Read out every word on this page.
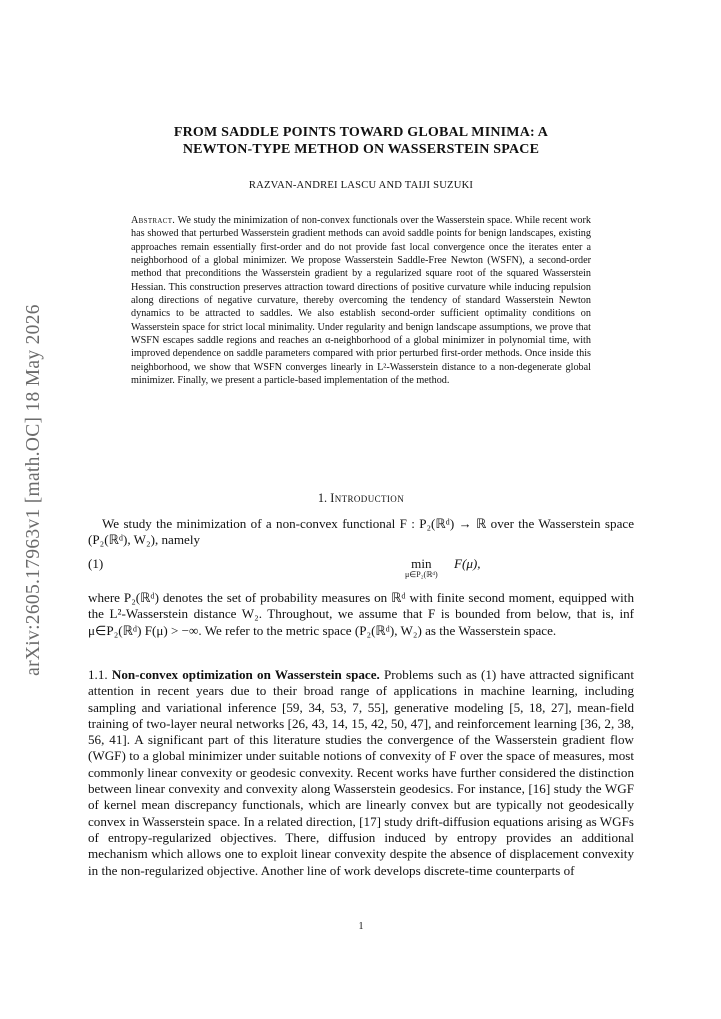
arXiv:2605.17963v1 [math.OC] 18 May 2026
FROM SADDLE POINTS TOWARD GLOBAL MINIMA: A
NEWTON-TYPE METHOD ON WASSERSTEIN SPACE
RAZVAN-ANDREI LASCU AND TAIJI SUZUKI
Abstract. We study the minimization of non-convex functionals over the Wasserstein space. While recent work has showed that perturbed Wasserstein gradient methods can avoid saddle points for benign landscapes, existing approaches remain essentially first-order and do not provide fast local convergence once the iterates enter a neighborhood of a global minimizer. We propose Wasserstein Saddle-Free Newton (WSFN), a second-order method that preconditions the Wasserstein gradient by a regularized square root of the squared Wasserstein Hessian. This construction preserves attraction toward directions of positive curvature while inducing repulsion along directions of negative curvature, thereby overcoming the tendency of standard Wasserstein Newton dynamics to be attracted to saddles. We also establish second-order sufficient optimality conditions on Wasserstein space for strict local minimality. Under regularity and benign landscape assumptions, we prove that WSFN escapes saddle regions and reaches an α-neighborhood of a global minimizer in polynomial time, with improved dependence on saddle parameters compared with prior perturbed first-order methods. Once inside this neighborhood, we show that WSFN converges linearly in L²-Wasserstein distance to a non-degenerate global minimizer. Finally, we present a particle-based implementation of the method.
1. Introduction
We study the minimization of a non-convex functional F : P₂(ℝᵈ) → ℝ over the Wasserstein space (P₂(ℝᵈ), W₂), namely
(1)	min
μ∈P₂(ℝᵈ)
F(μ),
where P₂(ℝᵈ) denotes the set of probability measures on ℝᵈ with finite second moment, equipped with the L²-Wasserstein distance W₂. Throughout, we assume that F is bounded from below, that is, inf μ∈P₂(ℝᵈ) F(μ) > −∞. We refer to the metric space (P₂(ℝᵈ), W₂) as the Wasserstein space.
1.1. Non-convex optimization on Wasserstein space. Problems such as (1) have attracted significant attention in recent years due to their broad range of applications in machine learning, including sampling and variational inference [59, 34, 53, 7, 55], generative modeling [5, 18, 27], mean-field training of two-layer neural networks [26, 43, 14, 15, 42, 50, 47], and reinforcement learning [36, 2, 38, 56, 41]. A significant part of this literature studies the convergence of the Wasserstein gradient flow (WGF) to a global minimizer under suitable notions of convexity of F over the space of measures, most commonly linear convexity or geodesic convexity. Recent works have further considered the distinction between linear convexity and convexity along Wasserstein geodesics. For instance, [16] study the WGF of kernel mean discrepancy functionals, which are linearly convex but are typically not geodesically convex in Wasserstein space. In a related direction, [17] study drift-diffusion equations arising as WGFs of entropy-regularized objectives. There, diffusion induced by entropy provides an additional mechanism which allows one to exploit linear convexity despite the absence of displacement convexity in the non-regularized objective. Another line of work develops discrete-time counterparts of
1
